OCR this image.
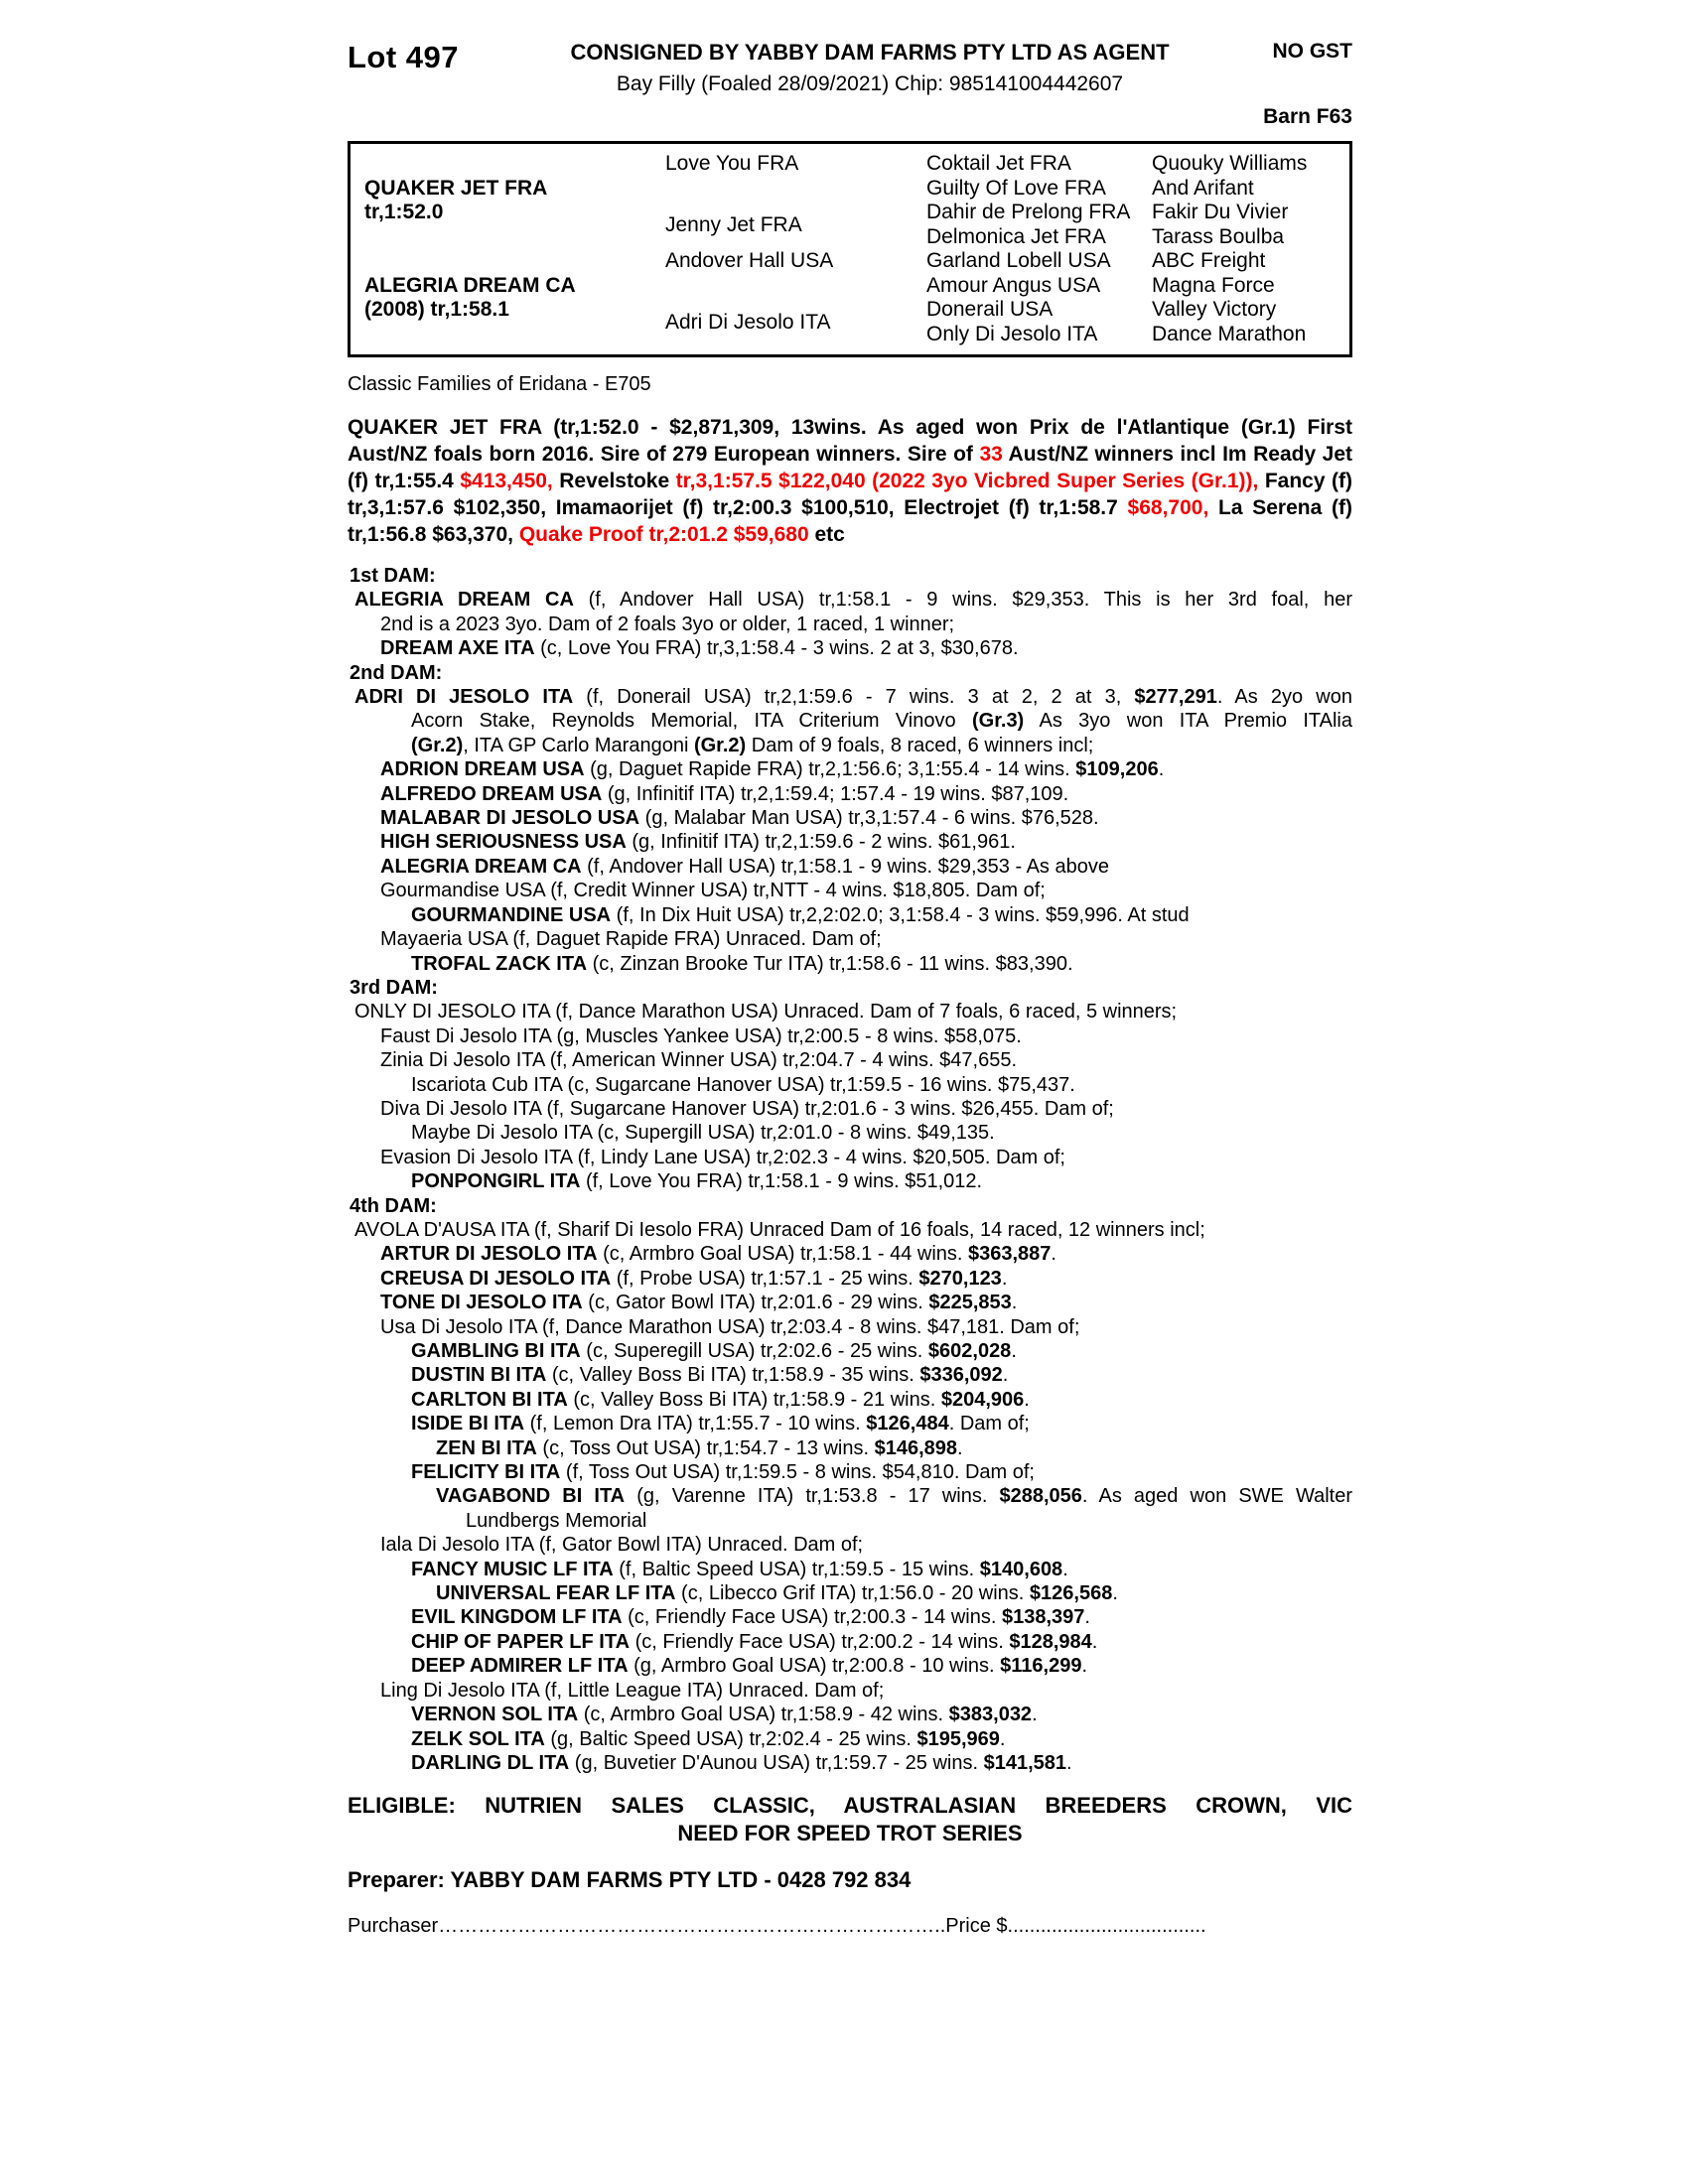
Lot 497	CONSIGNED BY YABBY DAM FARMS PTY LTD AS AGENT
Bay Filly (Foaled 28/09/2021) Chip: 985141004442607
NO GST
Barn F63
QUAKER JET FRA
tr,1:52.0
ALEGRIA DREAM CA
(2008) tr,1:58.1
Love You FRA
Jenny Jet FRA
Andover Hall USA
Adri Di Jesolo ITA
Coktail Jet FRA
Guilty Of Love FRA
Dahir de Prelong FRA
Delmonica Jet FRA
Garland Lobell USA
Amour Angus USA
Donerail USA
Only Di Jesolo ITA
Quouky Williams
And Arifant
Fakir Du Vivier
Tarass Boulba
ABC Freight
Magna Force
Valley Victory
Dance Marathon
Classic Families of Eridana - E705
QUAKER JET FRA (tr,1:52.0 - $2,871,309, 13wins. As aged won Prix de l'Atlantique (Gr.1) First Aust/NZ foals born 2016. Sire of 279 European winners. Sire of 33 Aust/NZ winners incl Im Ready Jet (f) tr,1:55.4 $413,450, Revelstoke tr,3,1:57.5 $122,040 (2022 3yo Vicbred Super Series (Gr.1)), Fancy (f) tr,3,1:57.6 $102,350, Imamaorijet (f) tr,2:00.3 $100,510, Electrojet (f) tr,1:58.7 $68,700, La Serena (f) tr,1:56.8 $63,370, Quake Proof tr,2:01.2 $59,680 etc
1st DAM:
ALEGRIA DREAM CA (f, Andover Hall USA) tr,1:58.1 - 9 wins. $29,353. This is her 3rd foal, her
2nd is a 2023 3yo. Dam of 2 foals 3yo or older, 1 raced, 1 winner;
DREAM AXE ITA (c, Love You FRA) tr,3,1:58.4 - 3 wins. 2 at 3, $30,678.
2nd DAM:
ADRI DI JESOLO ITA (f, Donerail USA) tr,2,1:59.6 - 7 wins. 3 at 2, 2 at 3, $277,291. As 2yo won
Acorn Stake, Reynolds Memorial, ITA Criterium Vinovo (Gr.3) As 3yo won ITA Premio ITAlia
(Gr.2), ITA GP Carlo Marangoni (Gr.2) Dam of 9 foals, 8 raced, 6 winners incl;
ADRION DREAM USA (g, Daguet Rapide FRA) tr,2,1:56.6; 3,1:55.4 - 14 wins. $109,206.
ALFREDO DREAM USA (g, Infinitif ITA) tr,2,1:59.4; 1:57.4 - 19 wins. $87,109.
MALABAR DI JESOLO USA (g, Malabar Man USA) tr,3,1:57.4 - 6 wins. $76,528.
HIGH SERIOUSNESS USA (g, Infinitif ITA) tr,2,1:59.6 - 2 wins. $61,961.
ALEGRIA DREAM CA (f, Andover Hall USA) tr,1:58.1 - 9 wins. $29,353 - As above
Gourmandise USA (f, Credit Winner USA) tr,NTT - 4 wins. $18,805. Dam of;
GOURMANDINE USA (f, In Dix Huit USA) tr,2,2:02.0; 3,1:58.4 - 3 wins. $59,996. At stud
Mayaeria USA (f, Daguet Rapide FRA) Unraced. Dam of;
TROFAL ZACK ITA (c, Zinzan Brooke Tur ITA) tr,1:58.6 - 11 wins. $83,390.
3rd DAM:
ONLY DI JESOLO ITA (f, Dance Marathon USA) Unraced. Dam of 7 foals, 6 raced, 5 winners;
Faust Di Jesolo ITA (g, Muscles Yankee USA) tr,2:00.5 - 8 wins. $58,075.
Zinia Di Jesolo ITA (f, American Winner USA) tr,2:04.7 - 4 wins. $47,655.
Iscariota Cub ITA (c, Sugarcane Hanover USA) tr,1:59.5 - 16 wins. $75,437.
Diva Di Jesolo ITA (f, Sugarcane Hanover USA) tr,2:01.6 - 3 wins. $26,455. Dam of;
Maybe Di Jesolo ITA (c, Supergill USA) tr,2:01.0 - 8 wins. $49,135.
Evasion Di Jesolo ITA (f, Lindy Lane USA) tr,2:02.3 - 4 wins. $20,505. Dam of;
PONPONGIRL ITA (f, Love You FRA) tr,1:58.1 - 9 wins. $51,012.
4th DAM:
AVOLA D'AUSA ITA (f, Sharif Di Iesolo FRA) Unraced Dam of 16 foals, 14 raced, 12 winners incl;
ARTUR DI JESOLO ITA (c, Armbro Goal USA) tr,1:58.1 - 44 wins. $363,887.
CREUSA DI JESOLO ITA (f, Probe USA) tr,1:57.1 - 25 wins. $270,123.
TONE DI JESOLO ITA (c, Gator Bowl ITA) tr,2:01.6 - 29 wins. $225,853.
Usa Di Jesolo ITA (f, Dance Marathon USA) tr,2:03.4 - 8 wins. $47,181. Dam of;
GAMBLING BI ITA (c, Superegill USA) tr,2:02.6 - 25 wins. $602,028.
DUSTIN BI ITA (c, Valley Boss Bi ITA) tr,1:58.9 - 35 wins. $336,092.
CARLTON BI ITA (c, Valley Boss Bi ITA) tr,1:58.9 - 21 wins. $204,906.
ISIDE BI ITA (f, Lemon Dra ITA) tr,1:55.7 - 10 wins. $126,484. Dam of;
ZEN BI ITA (c, Toss Out USA) tr,1:54.7 - 13 wins. $146,898.
FELICITY BI ITA (f, Toss Out USA) tr,1:59.5 - 8 wins. $54,810. Dam of;
VAGABOND BI ITA (g, Varenne ITA) tr,1:53.8 - 17 wins. $288,056. As aged won SWE Walter
Lundbergs Memorial
Iala Di Jesolo ITA (f, Gator Bowl ITA) Unraced. Dam of;
FANCY MUSIC LF ITA (f, Baltic Speed USA) tr,1:59.5 - 15 wins. $140,608.
UNIVERSAL FEAR LF ITA (c, Libecco Grif ITA) tr,1:56.0 - 20 wins. $126,568.
EVIL KINGDOM LF ITA (c, Friendly Face USA) tr,2:00.3 - 14 wins. $138,397.
CHIP OF PAPER LF ITA (c, Friendly Face USA) tr,2:00.2 - 14 wins. $128,984.
DEEP ADMIRER LF ITA (g, Armbro Goal USA) tr,2:00.8 - 10 wins. $116,299.
Ling Di Jesolo ITA (f, Little League ITA) Unraced. Dam of;
VERNON SOL ITA (c, Armbro Goal USA) tr,1:58.9 - 42 wins. $383,032.
ZELK SOL ITA (g, Baltic Speed USA) tr,2:02.4 - 25 wins. $195,969.
DARLING DL ITA (g, Buvetier D'Aunou USA) tr,1:59.7 - 25 wins. $141,581.
ELIGIBLE: NUTRIEN SALES CLASSIC, AUSTRALASIAN BREEDERS CROWN, VIC
NEED FOR SPEED TROT SERIES
Preparer: YABBY DAM FARMS PTY LTD - 0428 792 834
Purchaser…………………………………………………………………..Price $....................................
